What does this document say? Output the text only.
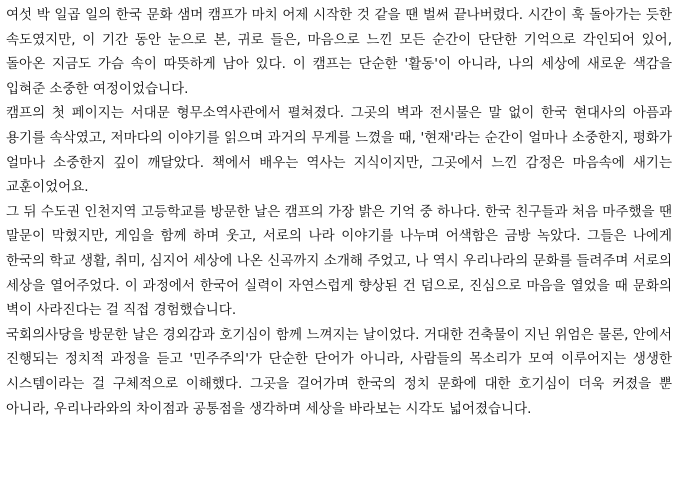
여섯 박 일곱 일의 한국 문화 샘머 캠프가 마치 어제 시작한 것 같을 땐 벌써 끝나버렸다. 시간이 훅 돌아가는 듯한 속도였지만, 이 기간 동안 눈으로 본, 귀로 들은, 마음으로 느낀 모든 순간이 단단한 기억으로 각인되어 있어, 돌아온 지금도 가슴 속이 따뜻하게 남아 있다. 이 캠프는 단순한 '활동'이 아니라, 나의 세상에 새로운 색감을 입혀준 소중한 여정이었습니다.

캠프의 첫 페이지는 서대문 형무소역사관에서 펼쳐졌다. 그곳의 벽과 전시물은 말 없이 한국 현대사의 아픔과 용기를 속삭였고, 저마다의 이야기를 읽으며 과거의 무게를 느꼈을 때, '현재'라는 순간이 얼마나 소중한지, 평화가 얼마나 소중한지 깊이 깨달았다. 책에서 배우는 역사는 지식이지만, 그곳에서 느낀 감정은 마음속에 새기는 교훈이었어요.

그 뒤 수도권 인천지역 고등학교를 방문한 날은 캠프의 가장 밝은 기억 중 하나다. 한국 친구들과 처음 마주했을 땐 말문이 막혔지만, 게임을 함께 하며 웃고, 서로의 나라 이야기를 나누며 어색함은 금방 녹았다. 그들은 나에게 한국의 학교 생활, 취미, 심지어 세상에 나온 신곡까지 소개해 주었고, 나 역시 우리나라의 문화를 들려주며 서로의 세상을 열어주었다. 이 과정에서 한국어 실력이 자연스럽게 향상된 건 덤으로, 진심으로 마음을 열었을 때 문화의 벽이 사라진다는 걸 직접 경험했습니다.

국회의사당을 방문한 날은 경외감과 호기심이 함께 느껴지는 날이었다. 거대한 건축물이 지닌 위엄은 물론, 안에서 진행되는 정치적 과정을 듣고 '민주주의'가 단순한 단어가 아니라, 사람들의 목소리가 모여 이루어지는 생생한 시스템이라는 걸 구체적으로 이해했다. 그곳을 걸어가며 한국의 정치 문화에 대한 호기심이 더욱 커졌을 뿐 아니라, 우리나라와의 차이점과 공통점을 생각하며 세상을 바라보는 시각도 넓어졌습니다.
